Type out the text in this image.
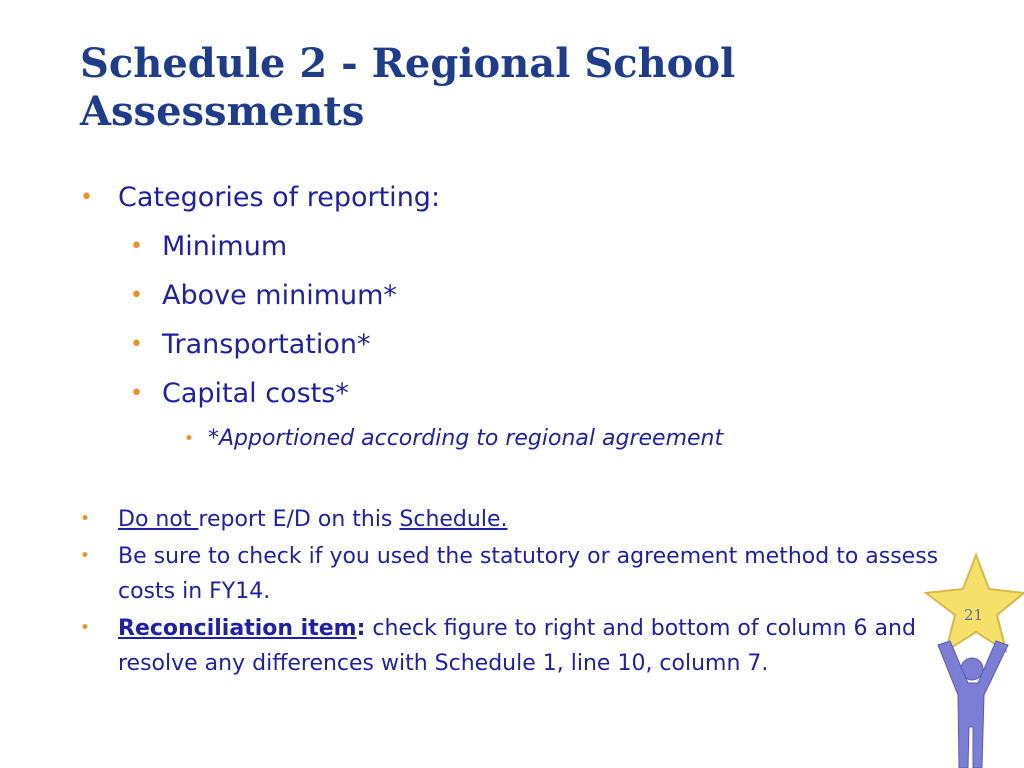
Schedule 2 - Regional School
Assessments
• Categories of reporting:
• Minimum
• Above minimum*
• Transportation*
• Capital costs*
• *Apportioned according to regional agreement
• Do not report E/D on this Schedule.
• Be sure to check if you used the statutory or agreement method to assess costs in FY14.
• Reconciliation item: check figure to right and bottom of column 6 and resolve any differences with Schedule 1, line 10, column 7.
21
